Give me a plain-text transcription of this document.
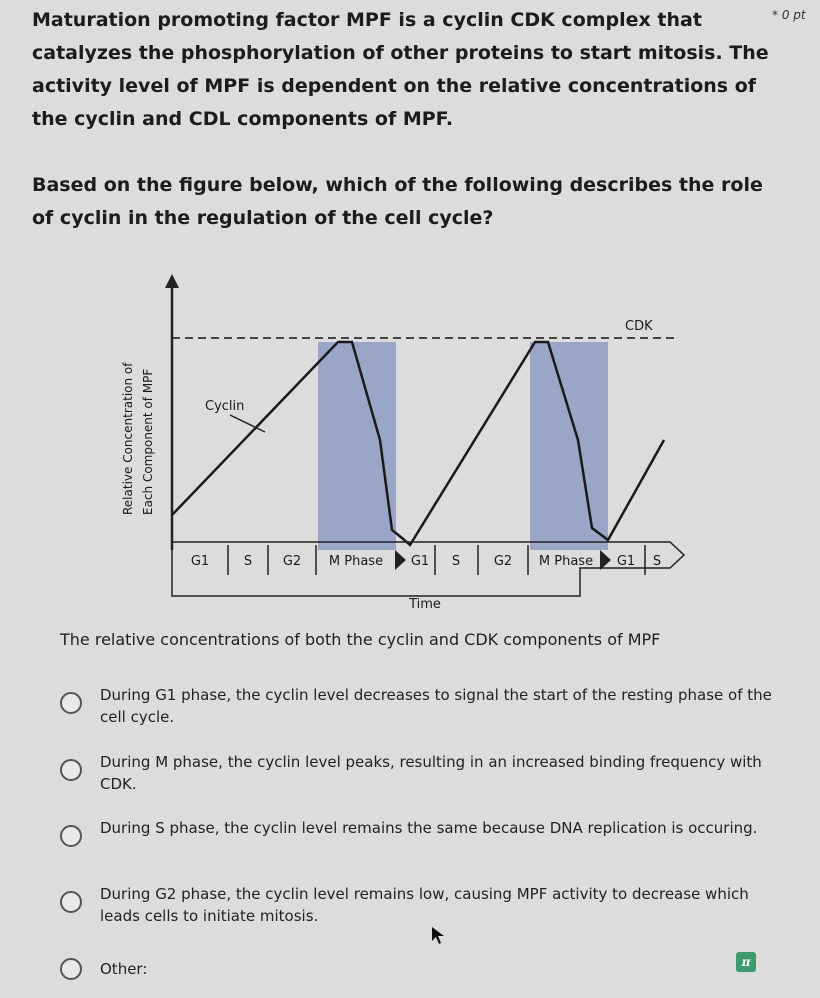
Maturation promoting factor MPF is a cyclin CDK complex that catalyzes the phosphorylation of other proteins to start mitosis. The activity level of MPF is dependent on the relative concentrations of the cyclin and CDL components of MPF.

Based on the figure below, which of the following describes the role of cyclin in the regulation of the cell cycle?

* 0 pt
G1	S G2 M Phase G1 S	G2 M Phase G1 S
Time
CDK
Cyclin
Relative Concentration of Each Component of MPF
The relative concentrations of both the cyclin and CDK components of MPF
During G1 phase, the cyclin level decreases to signal the start of the resting phase of the cell cycle.
During M phase, the cyclin level peaks, resulting in an increased binding frequency with CDK.
During S phase, the cyclin level remains the same because DNA replication is occuring.
During G2 phase, the cyclin level remains low, causing MPF activity to decrease which leads cells to initiate mitosis.
Other:	π
